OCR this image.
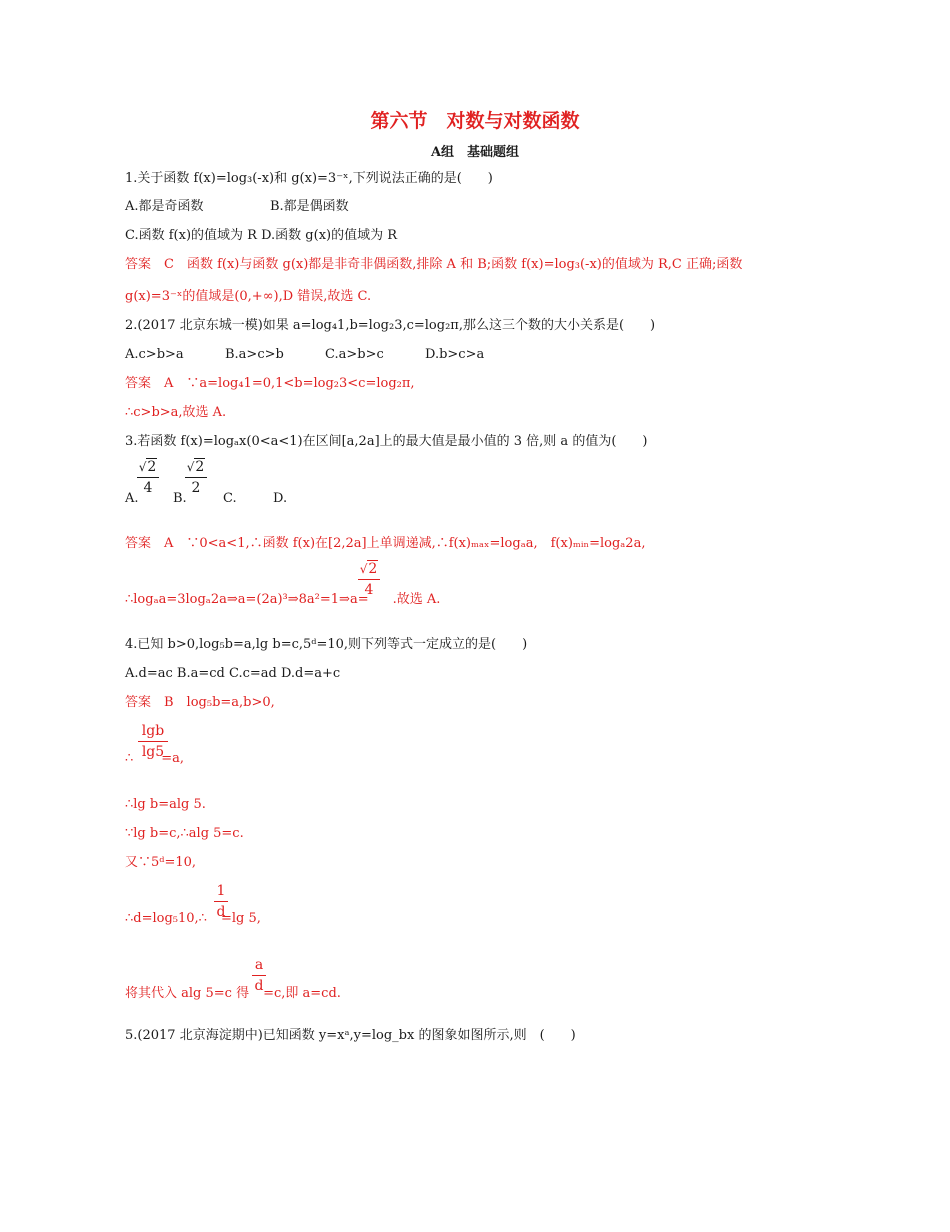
第六节　对数与对数函数
A组　基础题组
1.关于函数 f(x)=log₃(-x)和 g(x)=3⁻ˣ,下列说法正确的是(　　)
A.都是奇函数	B.都是偶函数
C.函数 f(x)的值域为 R D.函数 g(x)的值域为 R
答案　C　函数 f(x)与函数 g(x)都是非奇非偶函数,排除 A 和 B;函数 f(x)=log₃(-x)的值域为 R,C 正确;函数
g(x)=3⁻ˣ的值域是(0,+∞),D 错误,故选 C.
2.(2017 北京东城一模)如果 a=log₄1,b=log₂3,c=log₂π,那么这三个数的大小关系是(　　)
A.c>b>a	B.a>c>b	C.a>b>c	D.b>c>a
答案　A　∵a=log₄1=0,1<b=log₂3<c=log₂π,
∴c>b>a,故选 A.
3.若函数 f(x)=logₐx(0<a<1)在区间[a,2a]上的最大值是最小值的 3 倍,则 a 的值为(　　)
A.	B.	C.	D.
√2
4
√2
2
答案　A　∵0<a<1,∴函数 f(x)在[2,2a]上单调递减,∴f(x)ₘₐₓ=logₐa,　f(x)ₘᵢₙ=logₐ2a,
∴logₐa=3logₐ2a⇒a=(2a)³⇒8a²=1⇒a= .故选 A.
√2
4
4.已知 b>0,log₅b=a,lg b=c,5ᵈ=10,则下列等式一定成立的是(　　)
A.d=ac B.a=cd C.c=ad D.d=a+c
答案　B　log₅b=a,b>0,
∴ =a,
lgb
lg5
∴lg b=alg 5.
∵lg b=c,∴alg 5=c.
又∵5ᵈ=10,
∴d=log₅10,∴ =lg 5,
1
d
将其代入 alg 5=c 得 =c,即 a=cd.
a
d
5.(2017 北京海淀期中)已知函数 y=xᵃ,y=log_bx 的图象如图所示,则　(　　)
